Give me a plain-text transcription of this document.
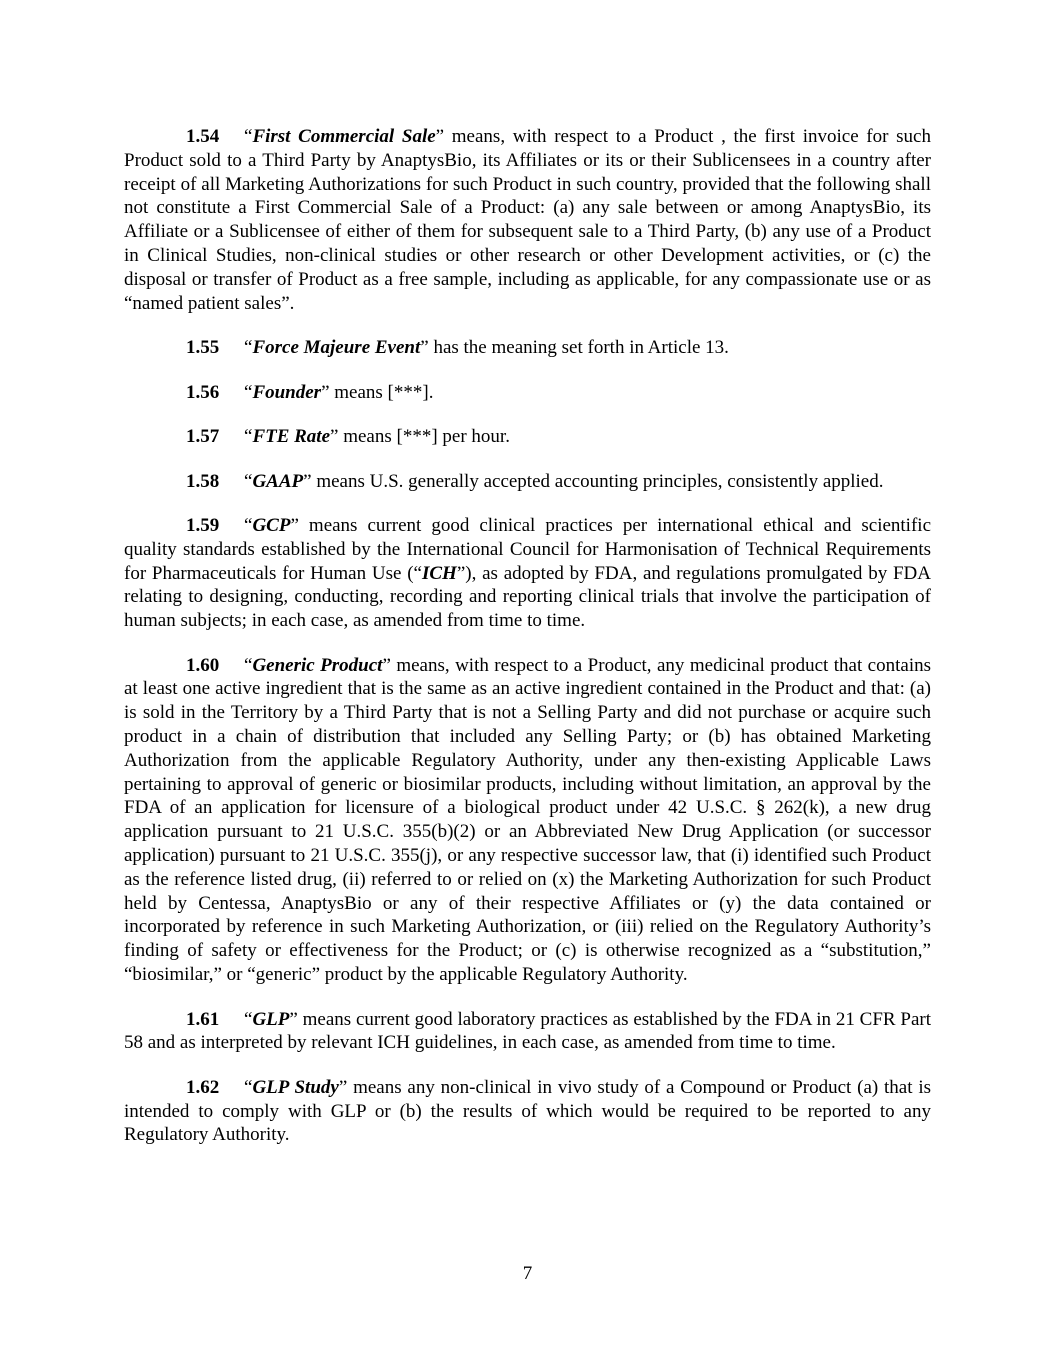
1.54 “First Commercial Sale” means, with respect to a Product , the first invoice for such Product sold to a Third Party by AnaptysBio, its Affiliates or its or their Sublicensees in a country after receipt of all Marketing Authorizations for such Product in such country, provided that the following shall not constitute a First Commercial Sale of a Product: (a) any sale between or among AnaptysBio, its Affiliate or a Sublicensee of either of them for subsequent sale to a Third Party, (b) any use of a Product in Clinical Studies, non-clinical studies or other research or other Development activities, or (c) the disposal or transfer of Product as a free sample, including as applicable, for any compassionate use or as “named patient sales”.

1.55 “Force Majeure Event” has the meaning set forth in Article 13.

1.56 “Founder” means [***].

1.57 “FTE Rate” means [***] per hour.

1.58 “GAAP” means U.S. generally accepted accounting principles, consistently applied.

1.59 “GCP” means current good clinical practices per international ethical and scientific quality standards established by the International Council for Harmonisation of Technical Requirements for Pharmaceuticals for Human Use (“ICH”), as adopted by FDA, and regulations promulgated by FDA relating to designing, conducting, recording and reporting clinical trials that involve the participation of human subjects; in each case, as amended from time to time.

1.60 “Generic Product” means, with respect to a Product, any medicinal product that contains at least one active ingredient that is the same as an active ingredient contained in the Product and that: (a) is sold in the Territory by a Third Party that is not a Selling Party and did not purchase or acquire such product in a chain of distribution that included any Selling Party; or (b) has obtained Marketing Authorization from the applicable Regulatory Authority, under any then-existing Applicable Laws pertaining to approval of generic or biosimilar products, including without limitation, an approval by the FDA of an application for licensure of a biological product under 42 U.S.C. § 262(k), a new drug application pursuant to 21 U.S.C. 355(b)(2) or an Abbreviated New Drug Application (or successor application) pursuant to 21 U.S.C. 355(j), or any respective successor law, that (i) identified such Product as the reference listed drug, (ii) referred to or relied on (x) the Marketing Authorization for such Product held by Centessa, AnaptysBio or any of their respective Affiliates or (y) the data contained or incorporated by reference in such Marketing Authorization, or (iii) relied on the Regulatory Authority’s finding of safety or effectiveness for the Product; or (c) is otherwise recognized as a “substitution,” “biosimilar,” or “generic” product by the applicable Regulatory Authority.

1.61 “GLP” means current good laboratory practices as established by the FDA in 21 CFR Part 58 and as interpreted by relevant ICH guidelines, in each case, as amended from time to time.

1.62 “GLP Study” means any non-clinical in vivo study of a Compound or Product (a) that is intended to comply with GLP or (b) the results of which would be required to be reported to any Regulatory Authority.

7
